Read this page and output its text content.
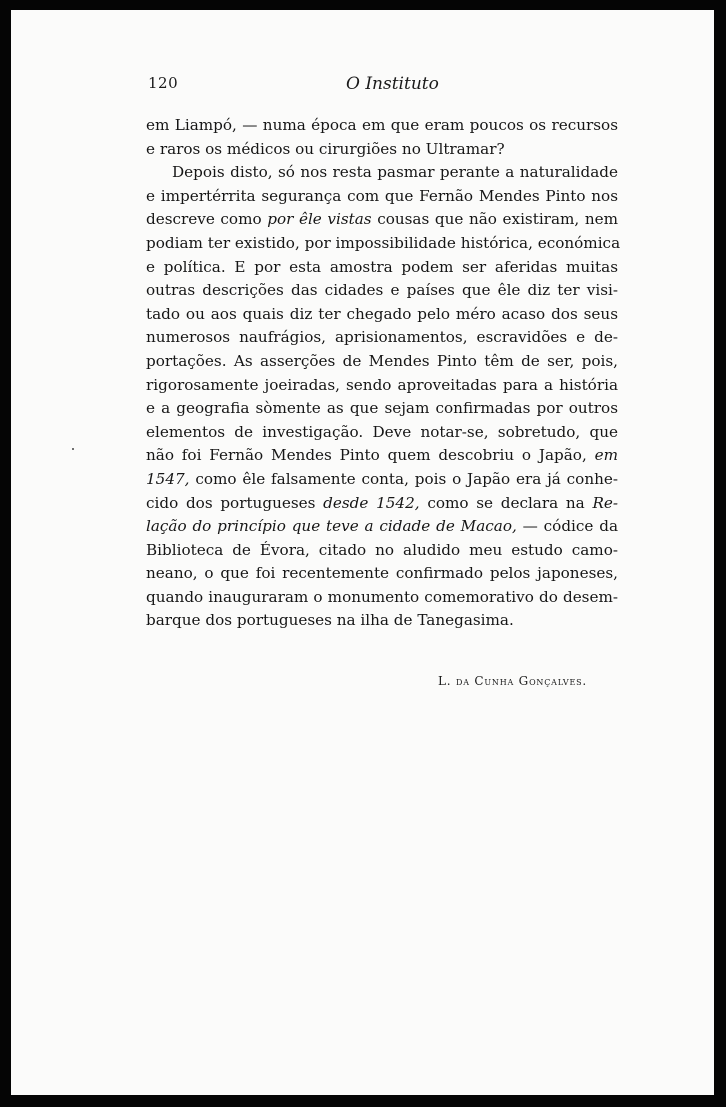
120	O Instituto
em Liampó, — numa época em que eram poucos os recursos
e raros os médicos ou cirurgiões no Ultramar?
Depois disto, só nos resta pasmar perante a naturalidade
e impertérrita segurança com que Fernão Mendes Pinto nos
descreve como por êle vistas cousas que não existiram, nem
podiam ter existido, por impossibilidade histórica, económica
e política. E por esta amostra podem ser aferidas muitas
outras descrições das cidades e países que êle diz ter visi-
tado ou aos quais diz ter chegado pelo méro acaso dos seus
numerosos naufrágios, aprisionamentos, escravidões e de-
portações. As asserções de Mendes Pinto têm de ser, pois,
rigorosamente joeiradas, sendo aproveitadas para a história
e a geografia sòmente as que sejam confirmadas por outros
elementos de investigação. Deve notar-se, sobretudo, que
não foi Fernão Mendes Pinto quem descobriu o Japão, em
1547, como êle falsamente conta, pois o Japão era já conhe-
cido dos portugueses desde 1542, como se declara na Re-
lação do princípio que teve a cidade de Macao, — códice da
Biblioteca de Évora, citado no aludido meu estudo camo-
neano, o que foi recentemente confirmado pelos japoneses,
quando inauguraram o monumento comemorativo do desem-
barque dos portugueses na ilha de Tanegasima.
L. da Cunha Gonçalves.
